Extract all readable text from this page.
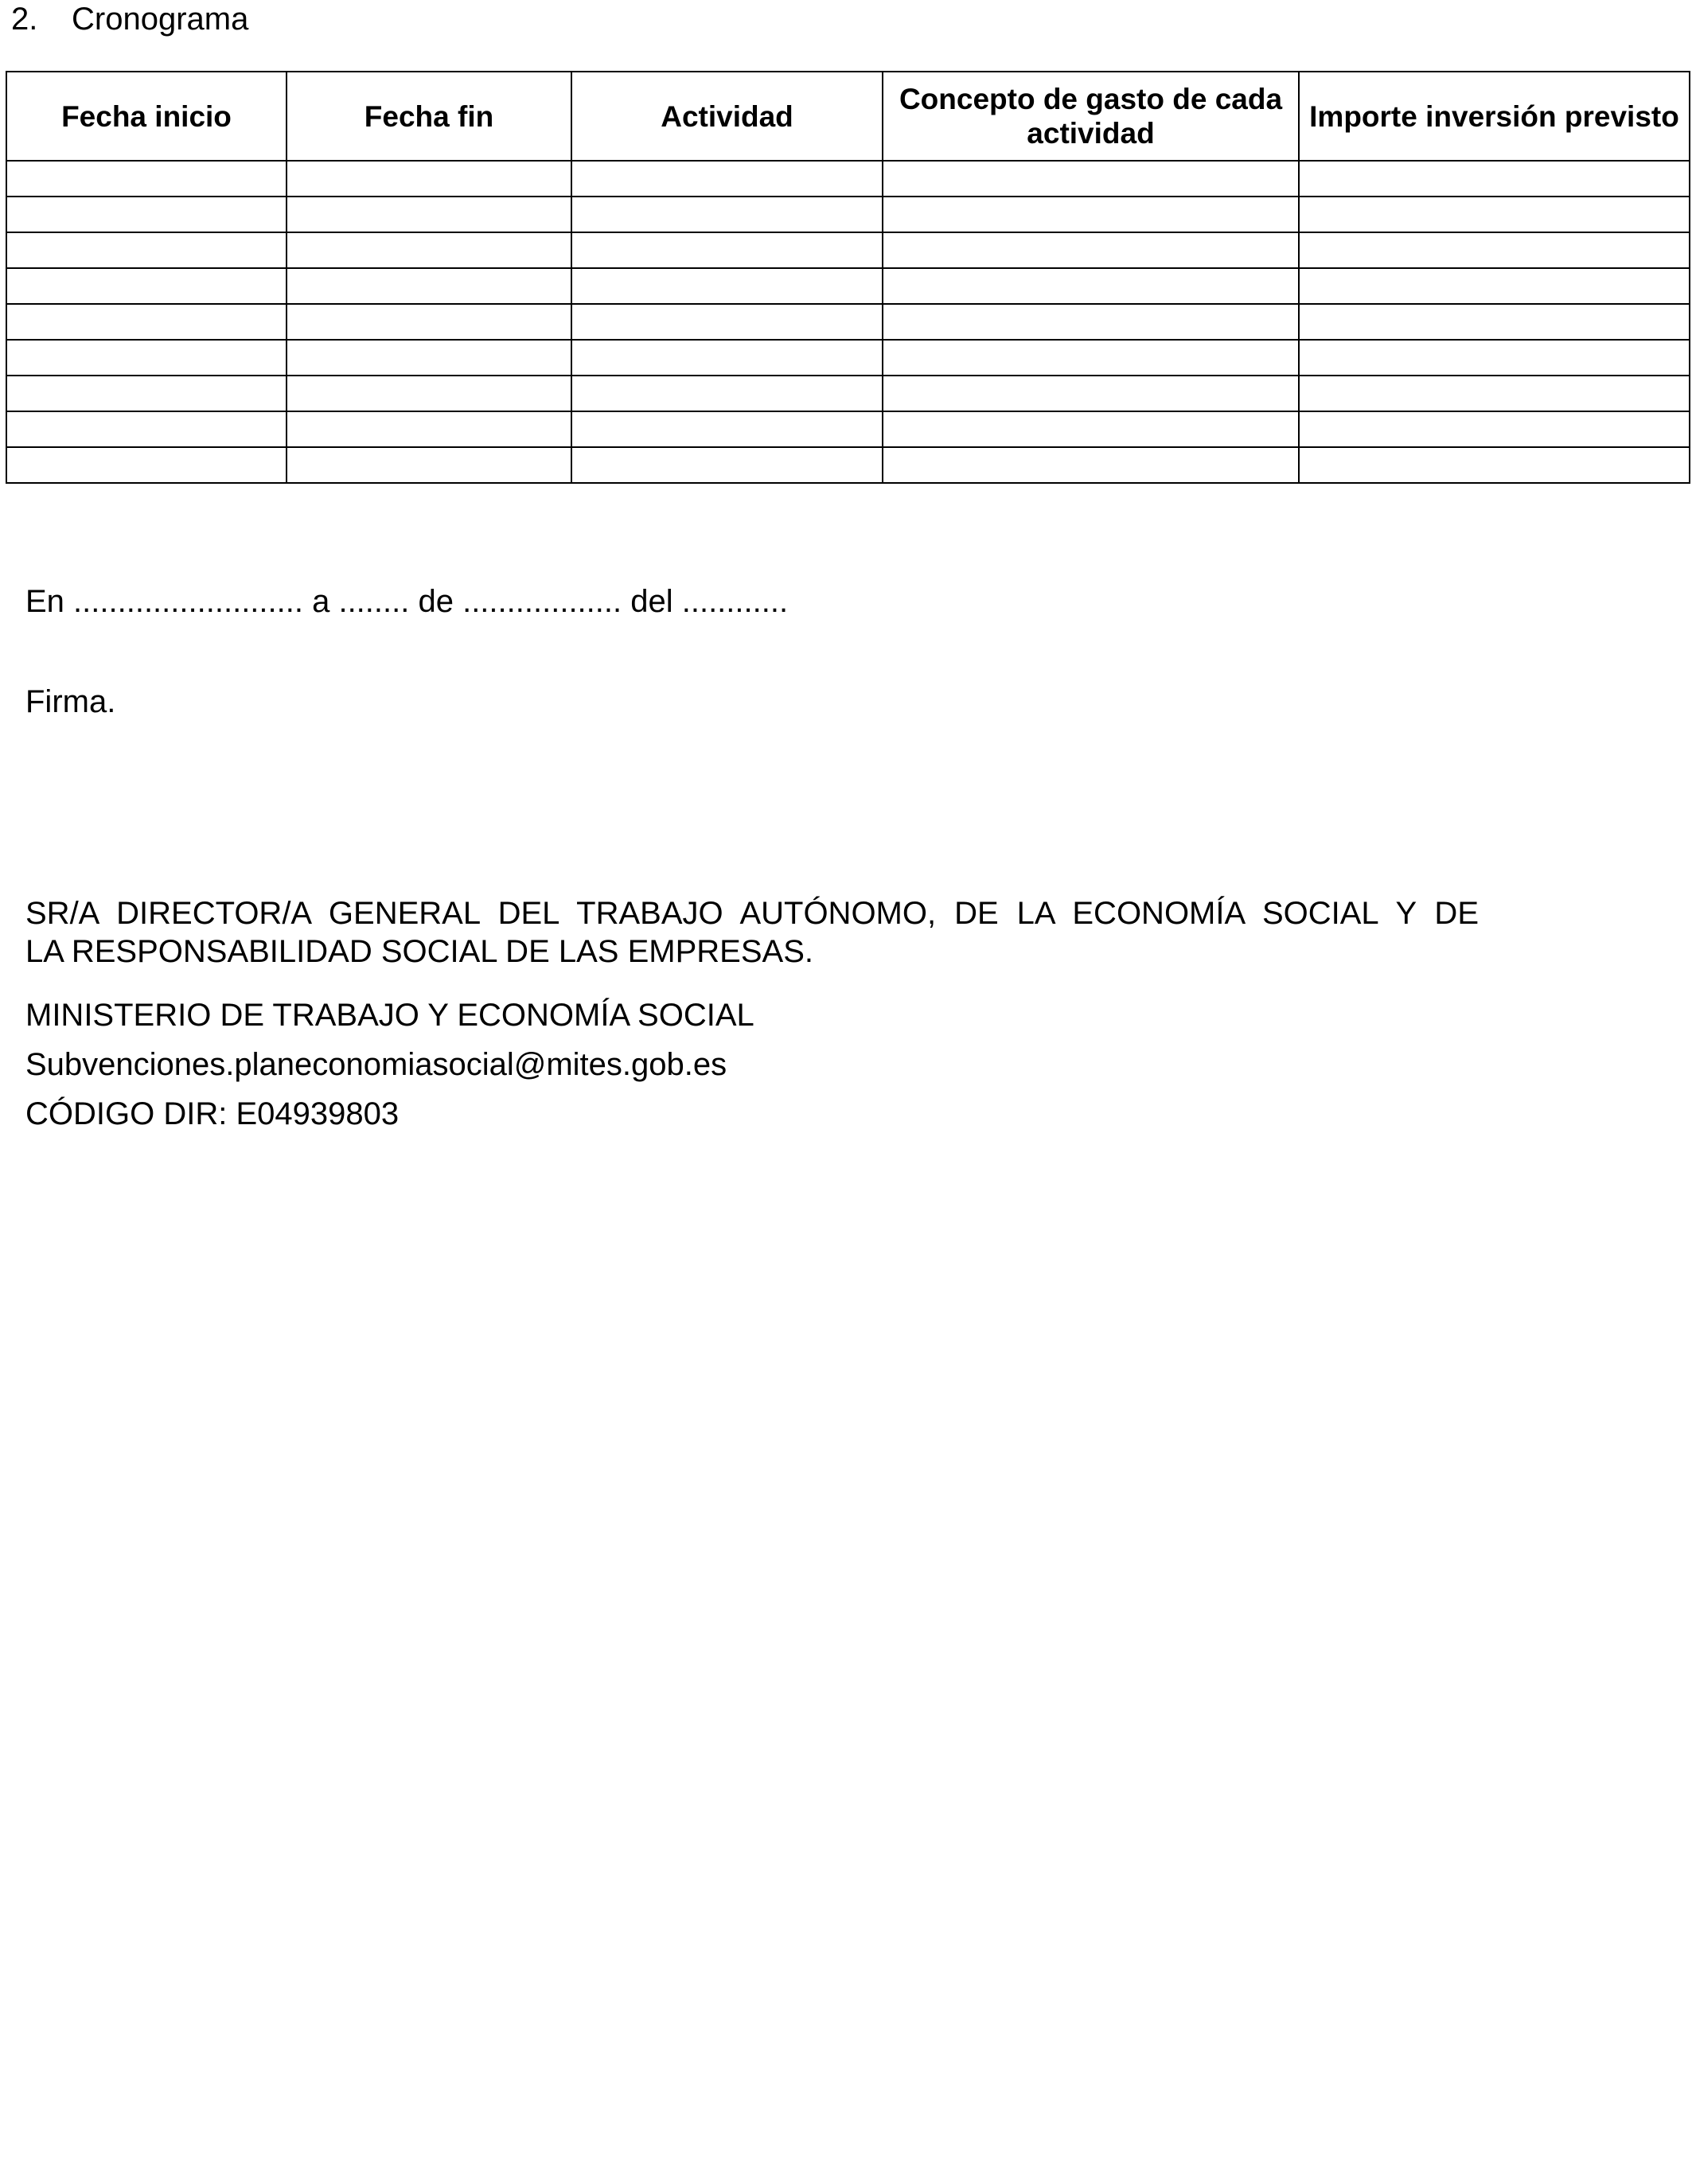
2. Cronograma
Fecha inicio	Fecha fin	Actividad	Concepto de gasto de cada actividad	Importe inversión previsto

En .......................... a ........ de .................. del ............
Firma.
SR/A DIRECTOR/A GENERAL DEL TRABAJO AUTÓNOMO, DE LA ECONOMÍA SOCIAL Y DE
LA RESPONSABILIDAD SOCIAL DE LAS EMPRESAS.
MINISTERIO DE TRABAJO Y ECONOMÍA SOCIAL
Subvenciones.planeconomiasocial@mites.gob.es
CÓDIGO DIR: E04939803
